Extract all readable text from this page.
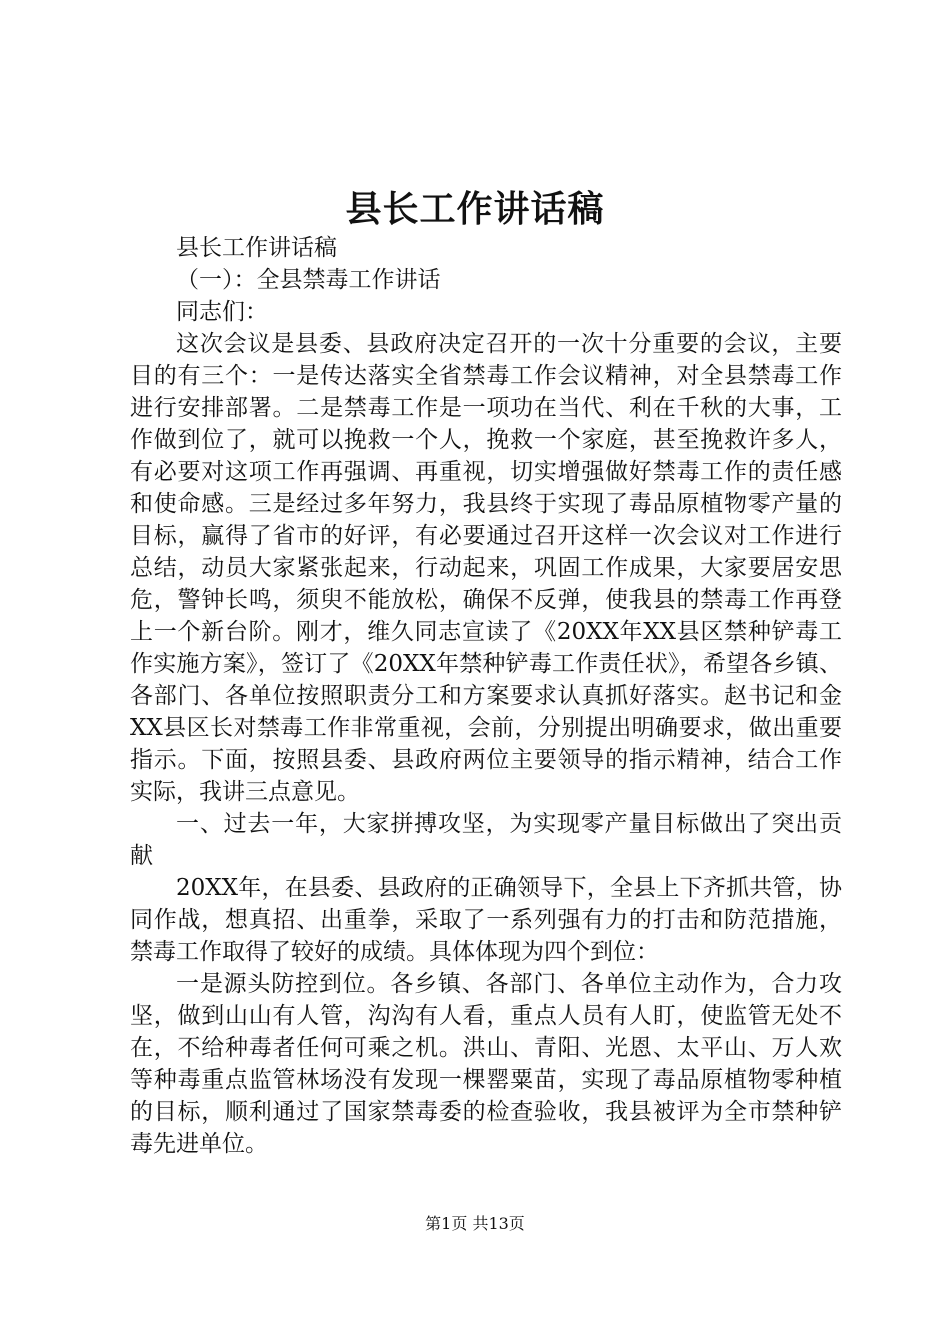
县长工作讲话稿

县长工作讲话稿

（一）：全县禁毒工作讲话

同志们：

这次会议是县委、县政府决定召开的一次十分重要的会议，主要目的有三个：一是传达落实全省禁毒工作会议精神，对全县禁毒工作进行安排部署。二是禁毒工作是一项功在当代、利在千秋的大事，工作做到位了，就可以挽救一个人，挽救一个家庭，甚至挽救许多人，有必要对这项工作再强调、再重视，切实增强做好禁毒工作的责任感和使命感。三是经过多年努力，我县终于实现了毒品原植物零产量的目标，赢得了省市的好评，有必要通过召开这样一次会议对工作进行总结，动员大家紧张起来，行动起来，巩固工作成果，大家要居安思危，警钟长鸣，须臾不能放松，确保不反弹，使我县的禁毒工作再登上一个新台阶。刚才，维久同志宣读了《20XX年XX县区禁种铲毒工作实施方案》，签订了《20XX年禁种铲毒工作责任状》，希望各乡镇、各部门、各单位按照职责分工和方案要求认真抓好落实。赵书记和金XX县区长对禁毒工作非常重视，会前，分别提出明确要求，做出重要指示。下面，按照县委、县政府两位主要领导的指示精神，结合工作实际，我讲三点意见。

一、过去一年，大家拼搏攻坚，为实现零产量目标做出了突出贡献

20XX年，在县委、县政府的正确领导下，全县上下齐抓共管，协同作战，想真招、出重拳，采取了一系列强有力的打击和防范措施，禁毒工作取得了较好的成绩。具体体现为四个到位：

一是源头防控到位。各乡镇、各部门、各单位主动作为，合力攻坚，做到山山有人管，沟沟有人看，重点人员有人盯，使监管无处不在，不给种毒者任何可乘之机。洪山、青阳、光恩、太平山、万人欢等种毒重点监管林场没有发现一棵罂粟苗，实现了毒品原植物零种植的目标，顺利通过了国家禁毒委的检查验收，我县被评为全市禁种铲毒先进单位。

第1页 共13页
